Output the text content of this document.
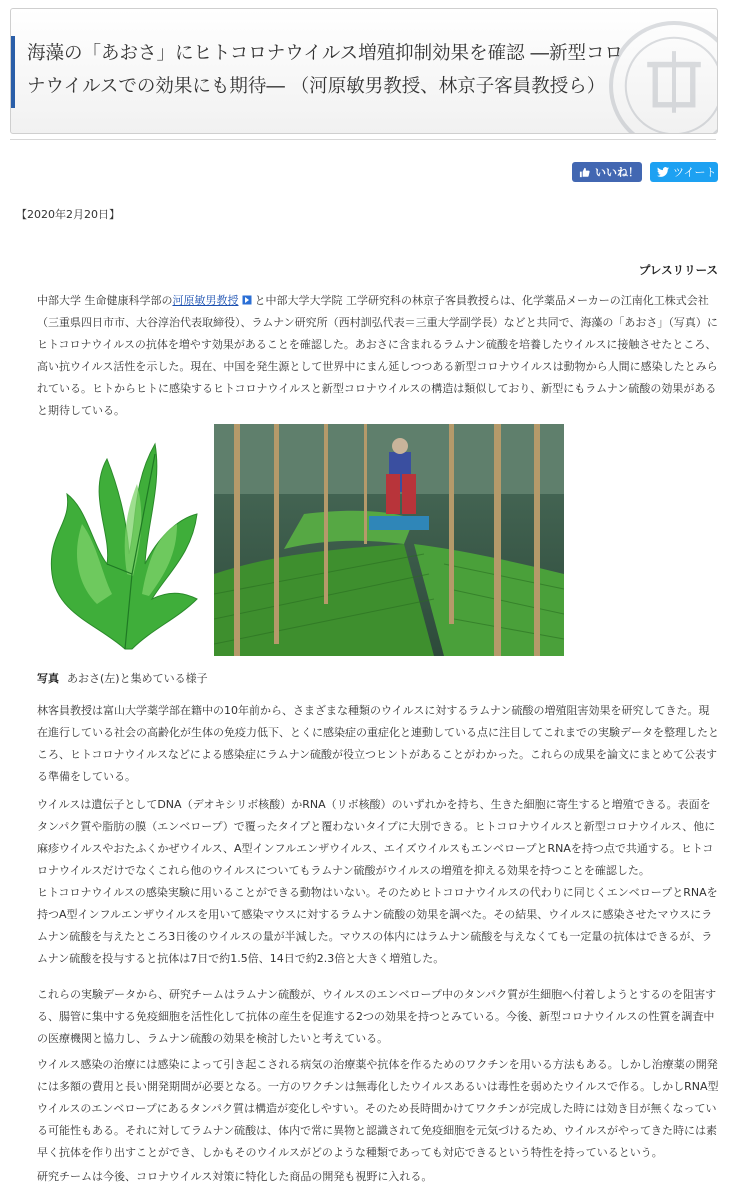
海藻の「あおさ」にヒトコロナウイルス増殖抑制効果を確認 ―新型コロナウイルスでの効果にも期待― （河原敏男教授、林京子客員教授ら）
いいね！	ツイート
【2020年2月20日】
プレスリリース

中部大学 生命健康科学部の河原敏男教授 と中部大学大学院 工学研究科の林京子客員教授らは、化学薬品メーカーの江南化工株式会社（三重県四日市市、大谷淳治代表取締役）、ラムナン研究所（西村訓弘代表＝三重大学副学長）などと共同で、海藻の「あおさ」（写真）にヒトコロナウイルスの抗体を増やす効果があることを確認した。あおさに含まれるラムナン硫酸を培養したウイルスに接触させたところ、高い抗ウイルス活性を示した。現在、中国を発生源として世界中にまん延しつつある新型コロナウイルスは動物から人間に感染したとみられている。ヒトからヒトに感染するヒトコロナウイルスと新型コロナウイルスの構造は類似しており、新型にもラムナン硫酸の効果があると期待している。

写真 あおさ(左)と集めている様子

林客員教授は富山大学薬学部在籍中の10年前から、さまざまな種類のウイルスに対するラムナン硫酸の増殖阻害効果を研究してきた。現在進行している社会の高齢化が生体の免疫力低下、とくに感染症の重症化と連動している点に注目してこれまでの実験データを整理したところ、ヒトコロナウイルスなどによる感染症にラムナン硫酸が役立つヒントがあることがわかった。これらの成果を論文にまとめて公表する準備をしている。

ウイルスは遺伝子としてDNA（デオキシリボ核酸）かRNA（リボ核酸）のいずれかを持ち、生きた細胞に寄生すると増殖できる。表面をタンパク質や脂肪の膜（エンベロープ）で覆ったタイプと覆わないタイプに大別できる。ヒトコロナウイルスと新型コロナウイルス、他に麻疹ウイルスやおたふくかぜウイルス、A型インフルエンザウイルス、エイズウイルスもエンベロープとRNAを持つ点で共通する。ヒトコロナウイルスだけでなくこれら他のウイルスについてもラムナン硫酸がウイルスの増殖を抑える効果を持つことを確認した。

ヒトコロナウイルスの感染実験に用いることができる動物はいない。そのためヒトコロナウイルスの代わりに同じくエンベロープとRNAを持つA型インフルエンザウイルスを用いて感染マウスに対するラムナン硫酸の効果を調べた。その結果、ウイルスに感染させたマウスにラムナン硫酸を与えたところ3日後のウイルスの量が半減した。マウスの体内にはラムナン硫酸を与えなくても一定量の抗体はできるが、ラムナン硫酸を投与すると抗体は7日で約1.5倍、14日で約2.3倍と大きく増殖した。

これらの実験データから、研究チームはラムナン硫酸が、ウイルスのエンベロープ中のタンパク質が生細胞へ付着しようとするのを阻害する、腸管に集中する免疫細胞を活性化して抗体の産生を促進する2つの効果を持つとみている。今後、新型コロナウイルスの性質を調査中の医療機関と協力し、ラムナン硫酸の効果を検討したいと考えている。

ウイルス感染の治療には感染によって引き起こされる病気の治療薬や抗体を作るためのワクチンを用いる方法もある。しかし治療薬の開発には多額の費用と長い開発期間が必要となる。一方のワクチンは無毒化したウイルスあるいは毒性を弱めたウイルスで作る。しかしRNA型ウイルスのエンベロープにあるタンパク質は構造が変化しやすい。そのため長時間かけてワクチンが完成した時には効き目が無くなっている可能性もある。それに対してラムナン硫酸は、体内で常に異物と認識されて免疫細胞を元気づけるため、ウイルスがやってきた時には素早く抗体を作り出すことができ、しかもそのウイルスがどのような種類であっても対応できるという特性を持っているという。

研究チームは今後、コロナウイルス対策に特化した商品の開発も視野に入れる。
